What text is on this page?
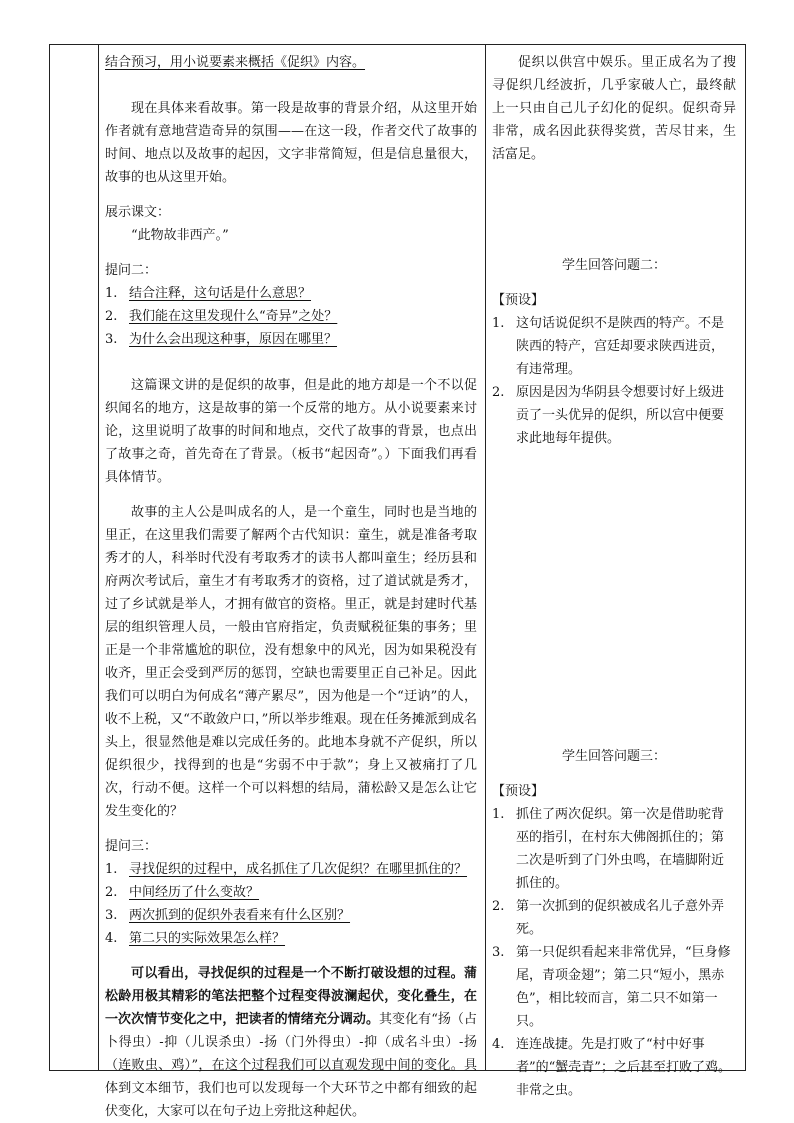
结合预习，用小说要素来概括《促织》内容。

现在具体来看故事。第一段是故事的背景介绍，从这里开始作者就有意地营造奇异的氛围——在这一段，作者交代了故事的时间、地点以及故事的起因，文字非常简短，但是信息量很大，故事的也从这里开始。

展示课文：

“此物故非西产。”

提问二：

1. 结合注释，这句话是什么意思？
2. 我们能在这里发现什么“奇异”之处？
3. 为什么会出现这种事，原因在哪里？

这篇课文讲的是促织的故事，但是此的地方却是一个不以促织闻名的地方，这是故事的第一个反常的地方。从小说要素来讨论，这里说明了故事的时间和地点，交代了故事的背景，也点出了故事之奇，首先奇在了背景。（板书“起因奇”。）下面我们再看具体情节。

故事的主人公是叫成名的人，是一个童生，同时也是当地的里正，在这里我们需要了解两个古代知识：童生，就是准备考取秀才的人，科举时代没有考取秀才的读书人都叫童生；经历县和府两次考试后，童生才有考取秀才的资格，过了道试就是秀才，过了乡试就是举人，才拥有做官的资格。里正，就是封建时代基层的组织管理人员，一般由官府指定，负责赋税征集的事务；里正是一个非常尴尬的职位，没有想象中的风光，因为如果税没有收齐，里正会受到严厉的惩罚，空缺也需要里正自己补足。因此我们可以明白为何成名“薄产累尽”，因为他是一个“迂讷”的人，收不上税，又“不敢敛户口，”所以举步维艰。现在任务摊派到成名头上，很显然他是难以完成任务的。此地本身就不产促织，所以促织很少，找得到的也是“劣弱不中于款”；身上又被痛打了几次，行动不便。这样一个可以料想的结局，蒲松龄又是怎么让它发生变化的？

提问三：

1. 寻找促织的过程中，成名抓住了几次促织？在哪里抓住的？
2. 中间经历了什么变故？
3. 两次抓到的促织外表看来有什么区别？
4. 第二只的实际效果怎么样？

可以看出，寻找促织的过程是一个不断打破设想的过程。蒲松龄用极其精彩的笔法把整个过程变得波澜起伏，变化叠生，在一次次情节变化之中，把读者的情绪充分调动。其变化有“扬（占卜得虫）-抑（儿误杀虫）-扬（门外得虫）-抑（成名斗虫）-扬（连败虫、鸡）”，在这个过程我们可以直观发现中间的变化。具体到文本细节，我们也可以发现每一个大环节之中都有细致的起伏变化，大家可以在句子边上旁批这种起伏。

促织以供宫中娱乐。里正成名为了搜寻促织几经波折，几乎家破人亡，最终献上一只由自己儿子幻化的促织。促织奇异非常，成名因此获得奖赏，苦尽甘来，生活富足。

学生回答问题二：

【预设】

1. 这句话说促织不是陕西的特产。不是陕西的特产，宫廷却要求陕西进贡，有违常理。
2. 原因是因为华阴县令想要讨好上级进贡了一头优异的促织，所以宫中便要求此地每年提供。

学生回答问题三：

【预设】

1. 抓住了两次促织。第一次是借助驼背巫的指引，在村东大佛阁抓住的；第二次是听到了门外虫鸣，在墙脚附近抓住的。
2. 第一次抓到的促织被成名儿子意外弄死。
3. 第一只促织看起来非常优异，“巨身修尾，青项金翅”；第二只“短小，黑赤色”，相比较而言，第二只不如第一只。
4. 连连战捷。先是打败了“村中好事者”的“蟹壳青”；之后甚至打败了鸡。非常之虫。
